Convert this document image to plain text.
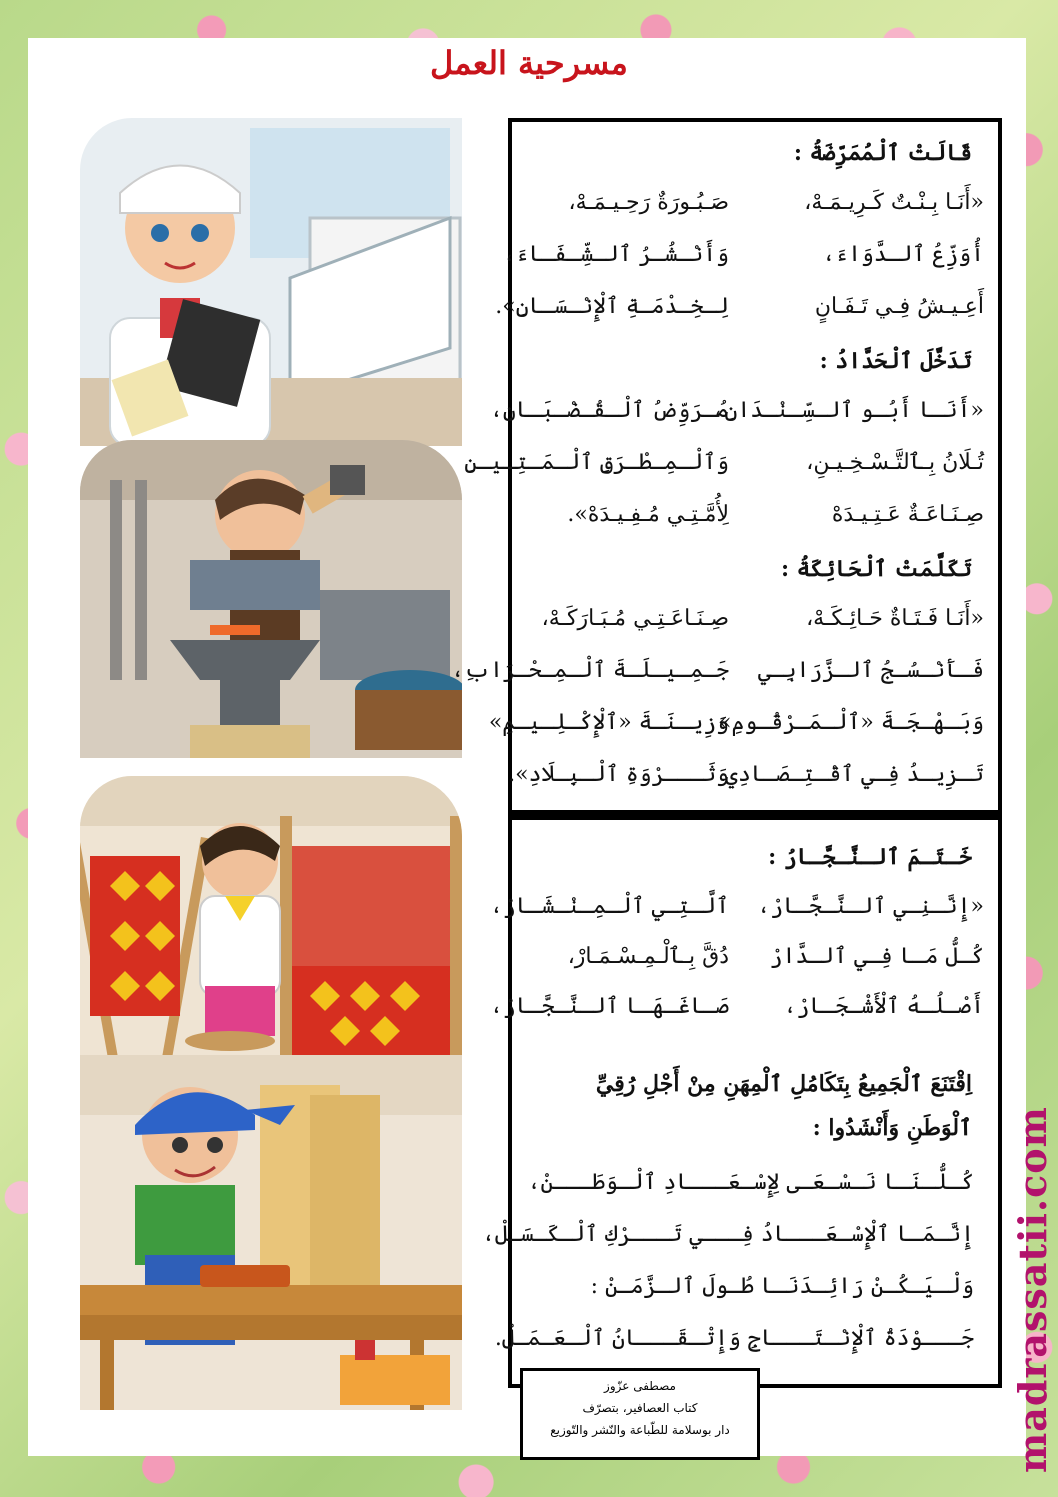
مسرحية العمل
قَالَتْ ٱلْمُمَرِّضَةُ :
«أَنَـا بِـنْـتٌ كَـرِيـمَـهْ،
صَـبُـورَةٌ رَحِـيـمَـهْ،
أُوَزِّعُ ٱلـدَّوَاءَ،
وَأَنْـشُـرُ ٱلـشِّـفَـاءَ،
أَعِـيـشُ فِـي تَـفَـانٍ
لِـخِـدْمَـةِ ٱلْإِنْـسَـانِ».
تَدَخَّلَ ٱلْحَدَّادُ :
«أَنَـا أَبُـو ٱلـسِّـنْـدَانِ،
مُـرَوِّضُ ٱلْـقُـضْـبَـانِ،
تُـلَانُ بِـٱلتَّـسْـخِـيـنِ،
وَٱلْـمِـطْـرَقِ ٱلْـمَـتِـيـنِ
صِـنَـاعَـةٌ عَـتِـيـدَهْ
لِأُمَّـتِـي مُـفِـيـدَهْ».
تَكَلَّمَتْ ٱلْحَائِكَةُ :
«أَنَـا فَـتَـاةٌ حَـائِـكَـهْ،
صِـنَـاعَـتِـي مُـبَـارَكَـهْ،
فَـأَنْـسُـجُ ٱلـزَّرَابِـي
جَـمِـيـلَـةَ ٱلْـمِـحْـرَابِ،
وَبَـهْـجَـةَ «ٱلْـمَـرْقُـومِ»
وَزِيـنَـةَ «ٱلْإِكْـلِـيـمِ»
تَـزِيـدُ فِـي ٱقْـتِـصَـادِي
وَثَـــرْوَةِ ٱلْـبِـلَادِ».
خَـتَـمَ ٱلـنَّـجَّـارُ :
«إِنَّـنِـي ٱلـنَّـجَّـارْ،
ٱلَّـتِـي ٱلْـمِـنْـشَـارْ،
كُـلُّ مَـا فِـي ٱلـدَّارْ
دُقَّ بِـٱلْـمِـسْـمَـارْ،
أَصْـلُـهُ ٱلْأَشْـجَـارْ،
صَـاغَـهَـا ٱلـنَّـجَّـارْ،
اِقْتَنَعَ ٱلْجَمِيعُ بِتَكَامُلِ ٱلْمِهَنِ مِنْ أَجْلِ رُقِيِّ ٱلْوَطَنِ وَأَنْشَدُوا :
كُـلُّـنَـا نَـسْـعَـى لِإِسْـعَـــادِ ٱلْـوَطَـــنْ،
إِنَّـمَـا ٱلْإِسْـعَـــادُ فِـــي تَـــرْكِ ٱلْـكَـسَـلْ،
وَلْـيَـكُـنْ رَائِـدَنَـا طُـولَ ٱلـزَّمَـنْ :
جَـــوْدَةُ ٱلْإِنْـتَـــاجِ وَإِتْـقَـــانُ ٱلْـعَـمَـلْ.
مصطفى عزّوز
كتاب العصافير، بتصرّف
دار بوسلامة للطّباعة والنّشر والتّوزيع	madrassatii.com
